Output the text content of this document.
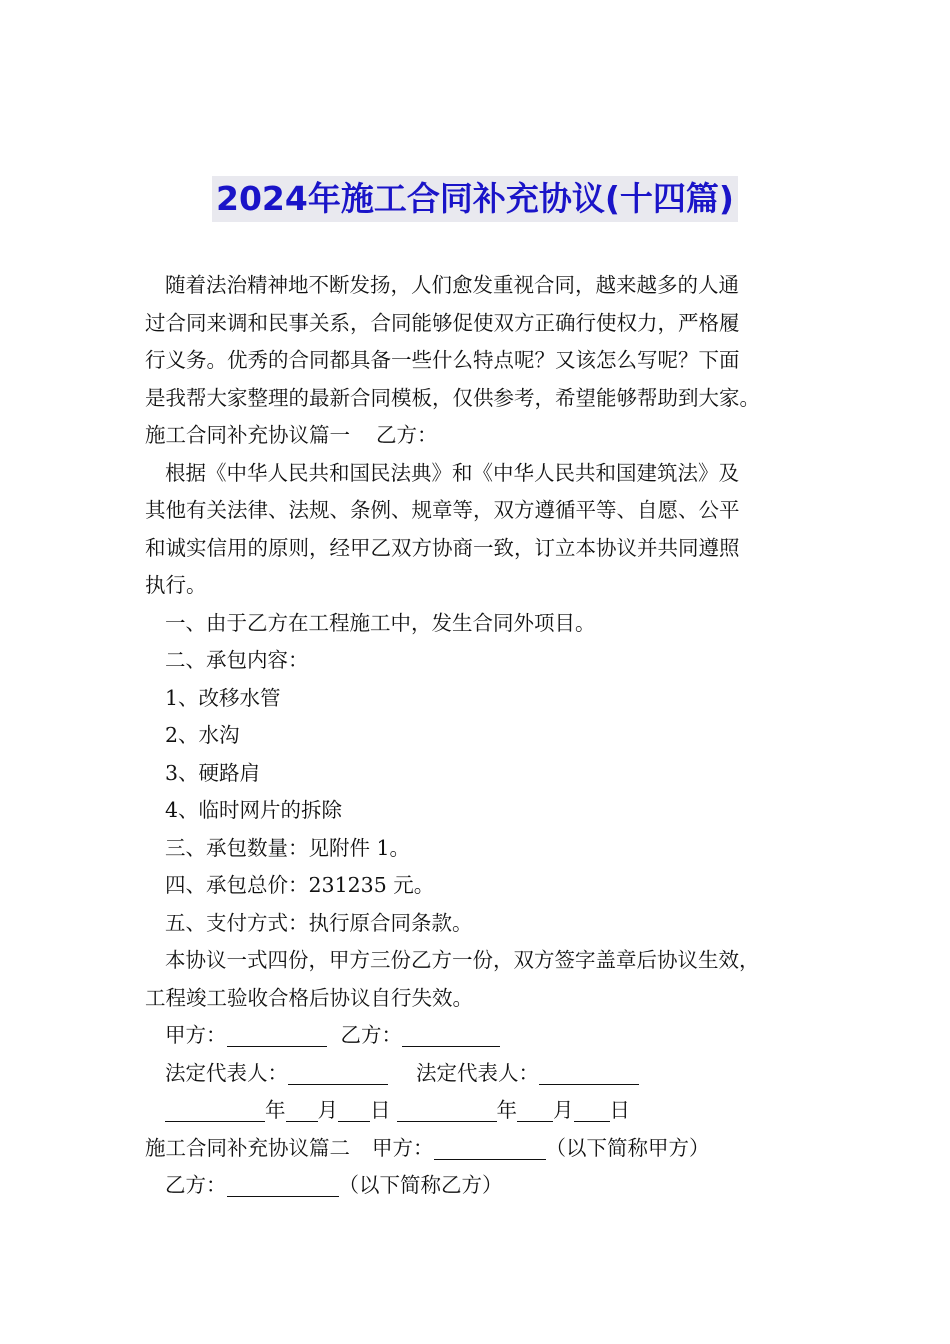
2024年施工合同补充协议(十四篇)

随着法治精神地不断发扬，人们愈发重视合同，越来越多的人通

过合同来调和民事关系，合同能够促使双方正确行使权力，严格履

行义务。优秀的合同都具备一些什么特点呢？又该怎么写呢？下面

是我帮大家整理的最新合同模板，仅供参考，希望能够帮助到大家。

施工合同补充协议篇一 乙方：

根据《中华人民共和国民法典》和《中华人民共和国建筑法》及

其他有关法律、法规、条例、规章等，双方遵循平等、自愿、公平

和诚实信用的原则，经甲乙双方协商一致，订立本协议并共同遵照

执行。

一、由于乙方在工程施工中，发生合同外项目。

二、承包内容：

1、改移水管

2、水沟

3、硬路肩

4、临时网片的拆除

三、承包数量：见附件 1。

四、承包总价：231235 元。

五、支付方式：执行原合同条款。

本协议一式四份，甲方三份乙方一份，双方签字盖章后协议生效，

工程竣工验收合格后协议自行失效。

甲方：	乙方：

法定代表人：	法定代表人：

年 月 日	年 月 日

施工合同补充协议篇二 甲方：	（以下简称甲方）

乙方：	（以下简称乙方）
